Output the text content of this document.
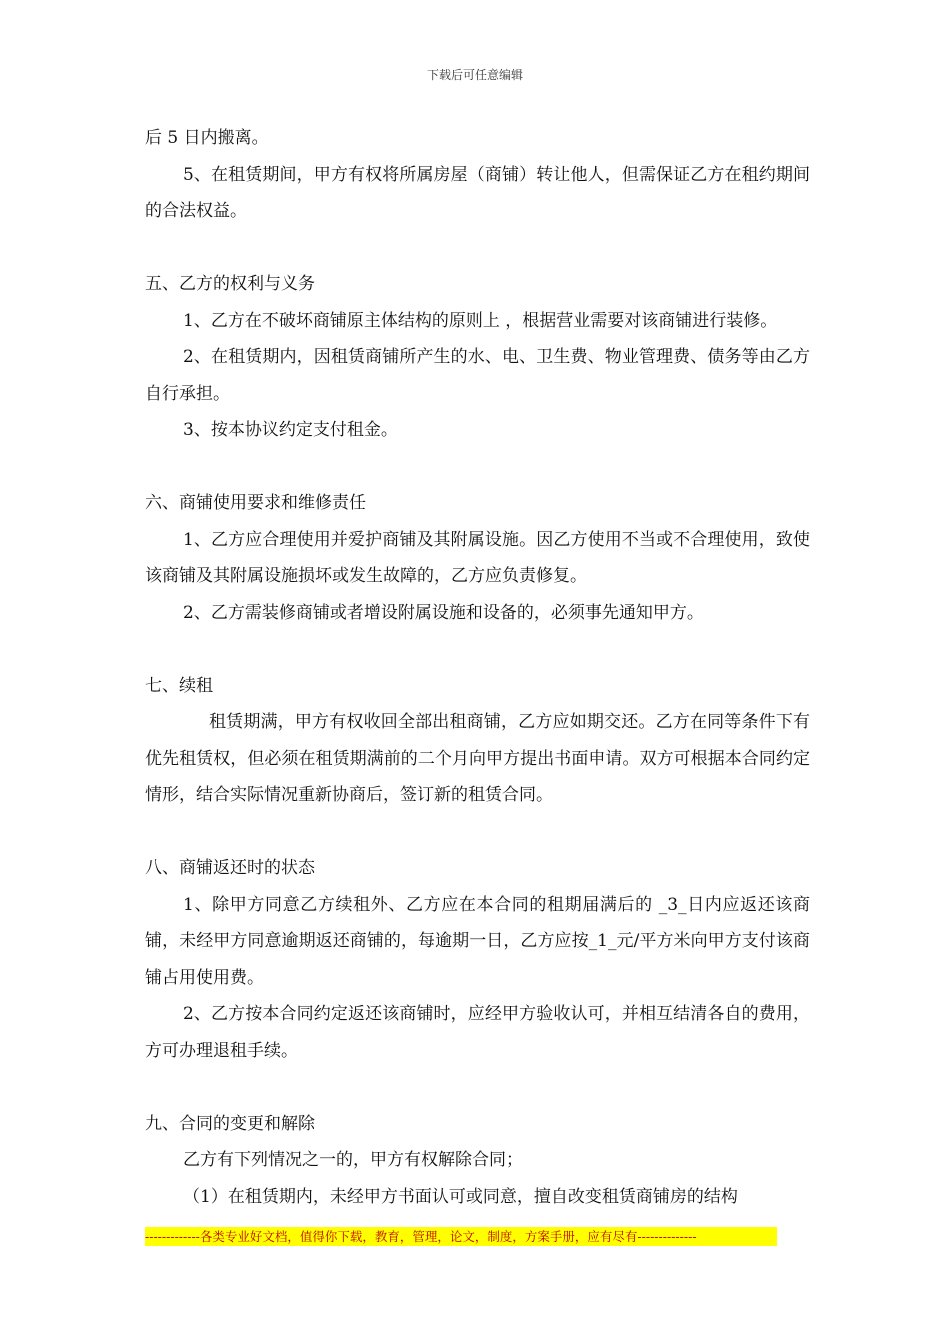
下载后可任意编辑

后 5 日内搬离。

5、在租赁期间，甲方有权将所属房屋（商铺）转让他人，但需保证乙方在租约期间的合法权益。

五、乙方的权利与义务

1、乙方在不破坏商铺原主体结构的原则上 ，根据营业需要对该商铺进行装修。

2、在租赁期内，因租赁商铺所产生的水、电、卫生费、物业管理费、债务等由乙方自行承担。

3、按本协议约定支付租金。

六、商铺使用要求和维修责任

1、乙方应合理使用并爱护商铺及其附属设施。因乙方使用不当或不合理使用，致使该商铺及其附属设施损坏或发生故障的，乙方应负责修复。

2、乙方需装修商铺或者增设附属设施和设备的，必须事先通知甲方。

七、续租

租赁期满，甲方有权收回全部出租商铺，乙方应如期交还。乙方在同等条件下有优先租赁权，但必须在租赁期满前的二个月向甲方提出书面申请。双方可根据本合同约定情形，结合实际情况重新协商后，签订新的租赁合同。

八、商铺返还时的状态

1、除甲方同意乙方续租外、乙方应在本合同的租期届满后的 _3_日内应返还该商铺，未经甲方同意逾期返还商铺的，每逾期一日，乙方应按_1_元/平方米向甲方支付该商铺占用使用费。

2、乙方按本合同约定返还该商铺时，应经甲方验收认可，并相互结清各自的费用，方可办理退租手续。

九、合同的变更和解除

乙方有下列情况之一的，甲方有权解除合同；

（1）在租赁期内，未经甲方书面认可或同意，擅自改变租赁商铺房的结构

-------------各类专业好文档，值得你下载，教育，管理，论文，制度，方案手册，应有尽有--------------
